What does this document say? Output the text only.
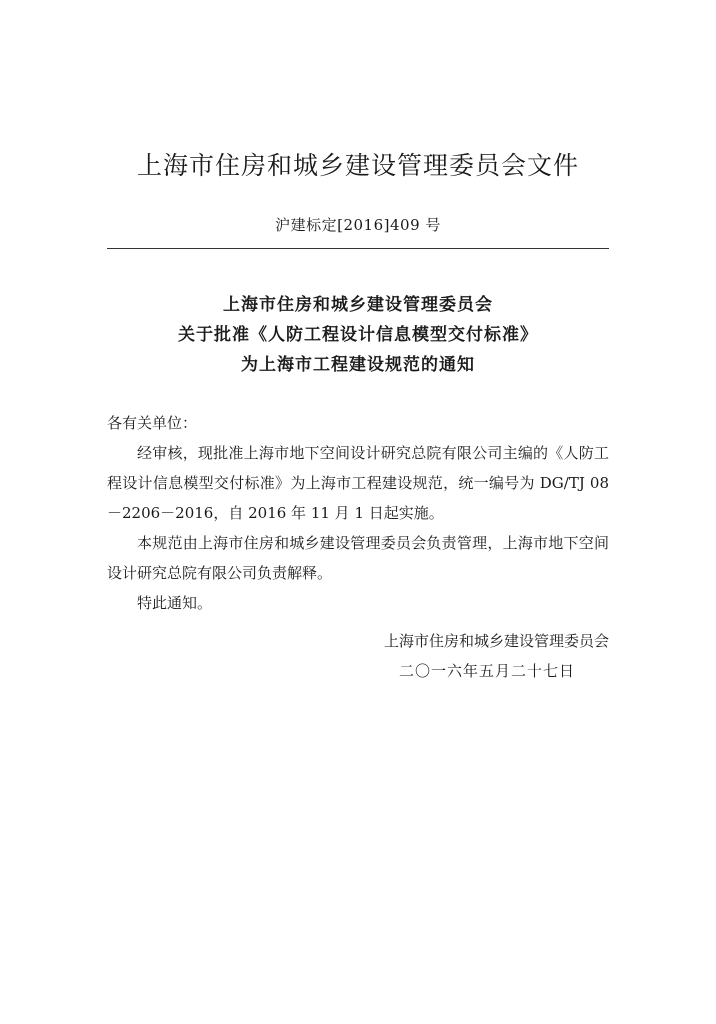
上海市住房和城乡建设管理委员会文件
沪建标定[2016]409 号
上海市住房和城乡建设管理委员会
关于批准《人防工程设计信息模型交付标准》
为上海市工程建设规范的通知

各有关单位：

经审核，现批准上海市地下空间设计研究总院有限公司主编的《人防工程设计信息模型交付标准》为上海市工程建设规范，统一编号为 DG/TJ 08－2206－2016，自 2016 年 11 月 1 日起实施。

本规范由上海市住房和城乡建设管理委员会负责管理，上海市地下空间设计研究总院有限公司负责解释。

特此通知。

上海市住房和城乡建设管理委员会
二〇一六年五月二十七日
